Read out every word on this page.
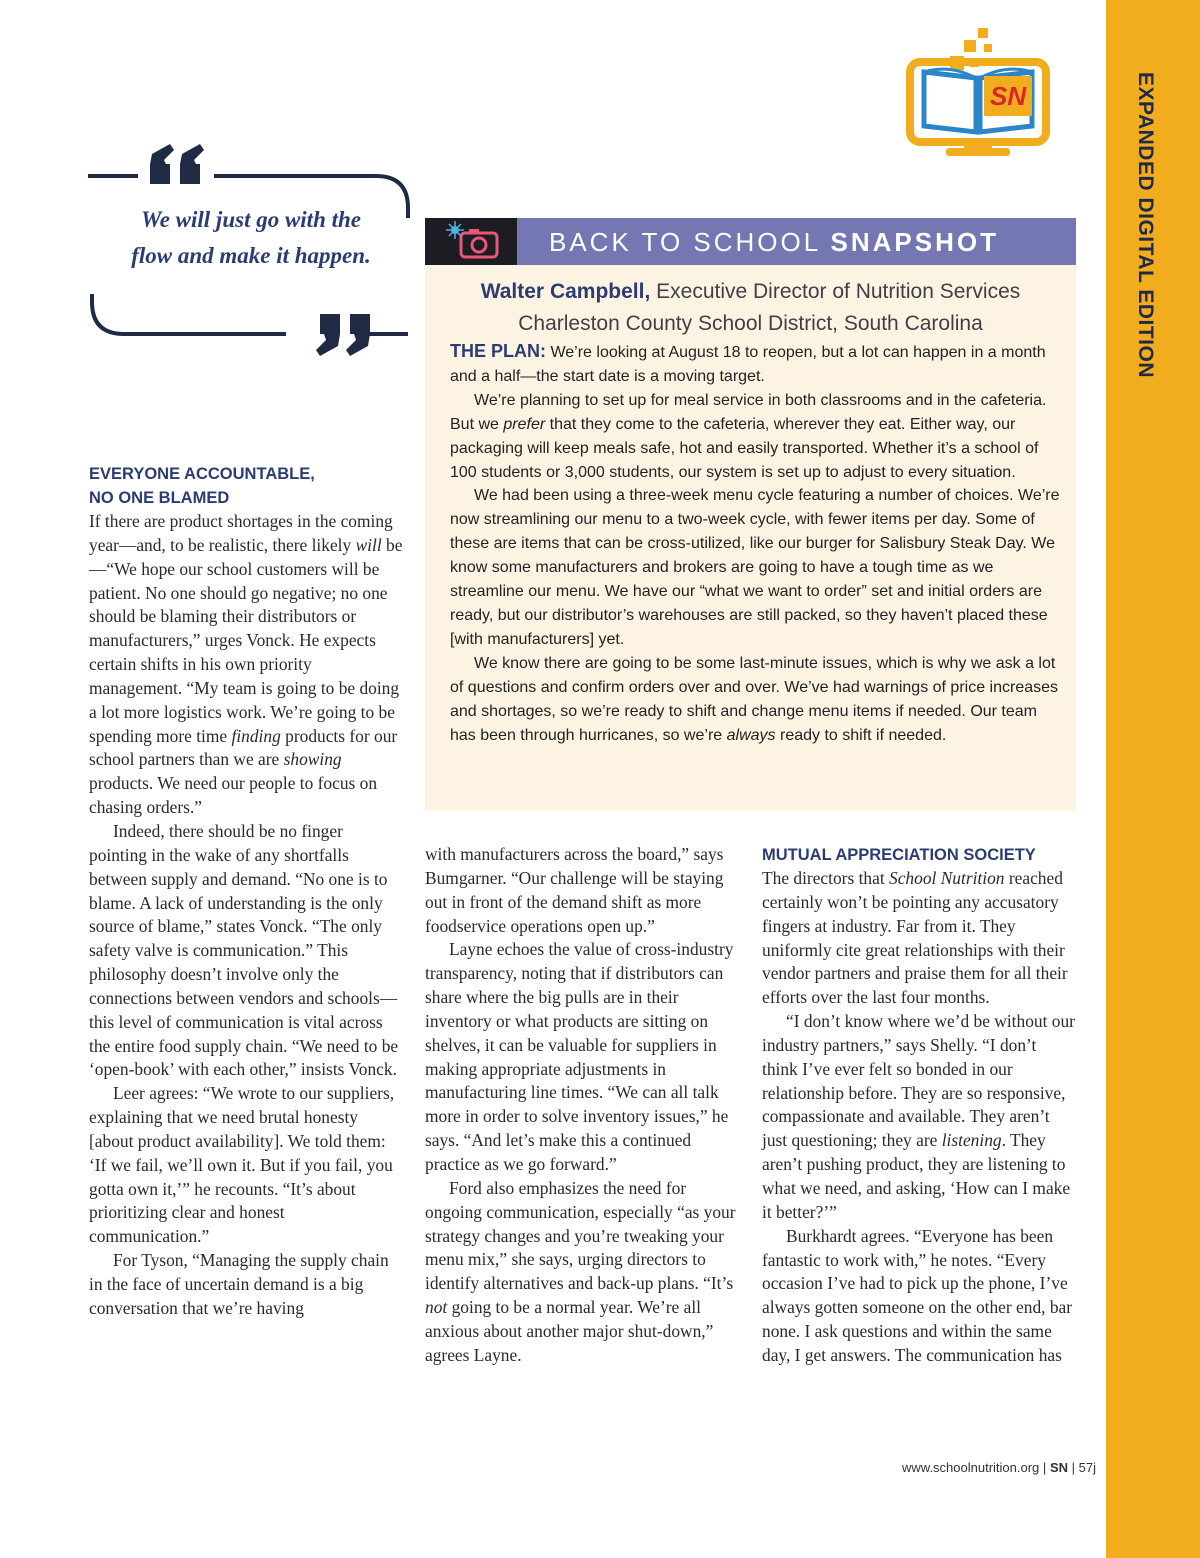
EXPANDED DIGITAL EDITION
SN
We will just go with the flow and make it happen.	BACK TO SCHOOL SNAPSHOT
Walter Campbell, Executive Director of Nutrition Services
Charleston County School District, South Carolina

THE PLAN: We’re looking at August 18 to reopen, but a lot can happen in a month and a half—the start date is a moving target.

We’re planning to set up for meal service in both classrooms and in the cafeteria. But we prefer that they come to the cafeteria, wherever they eat. Either way, our packaging will keep meals safe, hot and easily transported. Whether it’s a school of 100 students or 3,000 students, our system is set up to adjust to every situation.

We had been using a three-week menu cycle featuring a number of choices. We’re now streamlining our menu to a two-week cycle, with fewer items per day. Some of these are items that can be cross-utilized, like our burger for Salisbury Steak Day. We know some manufacturers and brokers are going to have a tough time as we streamline our menu. We have our “what we want to order” set and initial orders are ready, but our distributor’s warehouses are still packed, so they haven’t placed these [with manufacturers] yet.

We know there are going to be some last-minute issues, which is why we ask a lot of questions and confirm orders over and over. We’ve had warnings of price increases and shortages, so we’re ready to shift and change menu items if needed. Our team has been through hurricanes, so we’re always ready to shift if needed.

EVERYONE ACCOUNTABLE,
NO ONE BLAMED

If there are product shortages in the coming year—and, to be realistic, there likely will be—“We hope our school customers will be patient. No one should go negative; no one should be blaming their distributors or manufacturers,” urges Vonck. He expects certain shifts in his own priority management. “My team is going to be doing a lot more logistics work. We’re going to be spending more time finding products for our school partners than we are showing products. We need our people to focus on chasing orders.”

Indeed, there should be no finger pointing in the wake of any shortfalls between supply and demand. “No one is to blame. A lack of understanding is the only source of blame,” states Vonck. “The only safety valve is communication.” This philosophy doesn’t involve only the connections between vendors and schools—this level of communication is vital across the entire food supply chain. “We need to be ‘open-book’ with each other,” insists Vonck.

Leer agrees: “We wrote to our suppliers, explaining that we need brutal honesty [about product availability]. We told them: ‘If we fail, we’ll own it. But if you fail, you gotta own it,’” he recounts. “It’s about prioritizing clear and honest communication.”

For Tyson, “Managing the supply chain in the face of uncertain demand is a big conversation that we’re having

with manufacturers across the board,” says Bumgarner. “Our challenge will be staying out in front of the demand shift as more foodservice operations open up.”

Layne echoes the value of cross-industry transparency, noting that if distributors can share where the big pulls are in their inventory or what products are sitting on shelves, it can be valuable for suppliers in making appropriate adjustments in manufacturing line times. “We can all talk more in order to solve inventory issues,” he says. “And let’s make this a continued practice as we go forward.”

Ford also emphasizes the need for ongoing communication, especially “as your strategy changes and you’re tweaking your menu mix,” she says, urging directors to identify alternatives and back-up plans. “It’s not going to be a normal year. We’re all anxious about another major shut-down,” agrees Layne.

MUTUAL APPRECIATION SOCIETY

The directors that School Nutrition reached certainly won’t be pointing any accusatory fingers at industry. Far from it. They uniformly cite great relationships with their vendor partners and praise them for all their efforts over the last four months.

“I don’t know where we’d be without our industry partners,” says Shelly. “I don’t think I’ve ever felt so bonded in our relationship before. They are so responsive, compassionate and available. They aren’t just questioning; they are listening. They aren’t pushing product, they are listening to what we need, and asking, ‘How can I make it better?’”

Burkhardt agrees. “Everyone has been fantastic to work with,” he notes. “Every occasion I’ve had to pick up the phone, I’ve always gotten someone on the other end, bar none. I ask questions and within the same day, I get answers. The communication has

www.schoolnutrition.org | SN | 57j
